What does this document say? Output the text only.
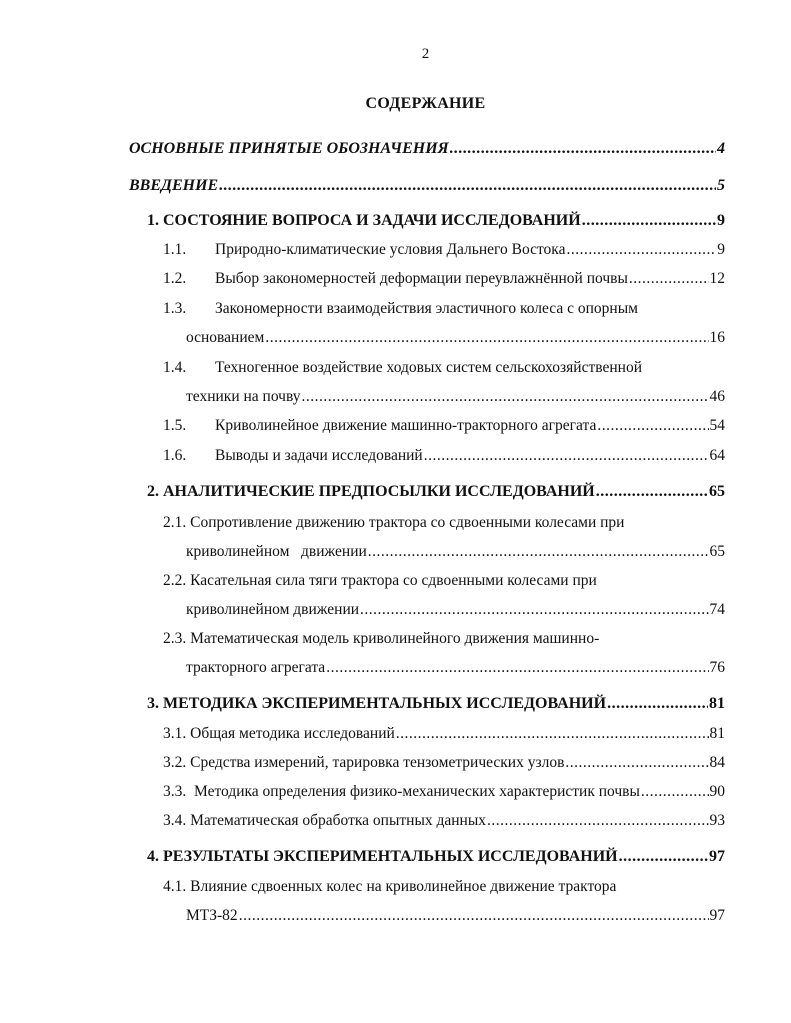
2
СОДЕРЖАНИЕ
ОСНОВНЫЕ ПРИНЯТЫЕ ОБОЗНАЧЕНИЯ .....	4
ВВЕДЕНИЕ .....	5
1. СОСТОЯНИЕ ВОПРОСА И ЗАДАЧИ ИССЛЕДОВАНИЙ .....	9
1.1.	Природно-климатические условия Дальнего Востока .....	9
1.2.	Выбор закономерностей деформации переувлажнённой почвы .....	12
1.3.	Закономерности взаимодействия эластичного колеса с опорным
основанием .....	16
1.4.	Техногенное воздействие ходовых систем сельскохозяйственной
техники на почву .....	46
1.5.	Криволинейное движение машинно-тракторного агрегата .....	54
1.6.	Выводы и задачи исследований .....	64
2. АНАЛИТИЧЕСКИЕ ПРЕДПОСЫЛКИ ИССЛЕДОВАНИЙ .....	65
2.1. Сопротивление движению трактора со сдвоенными колесами при
криволинейном   движении .....	65
2.2. Касательная сила тяги трактора со сдвоенными колесами при
криволинейном движении .....	74
2.3. Математическая модель криволинейного движения машинно-
тракторного агрегата .....	76
3. МЕТОДИКА ЭКСПЕРИМЕНТАЛЬНЫХ ИССЛЕДОВАНИЙ .....	81
3.1. Общая методика исследований .....	81
3.2. Средства измерений, тарировка тензометрических узлов .....	84
3.3.  Методика определения физико-механических характеристик почвы .....	90
3.4. Математическая обработка опытных данных .....	93
4. РЕЗУЛЬТАТЫ ЭКСПЕРИМЕНТАЛЬНЫХ ИССЛЕДОВАНИЙ .....	97
4.1. Влияние сдвоенных колес на криволинейное движение трактора
МТЗ-82 .....	97
